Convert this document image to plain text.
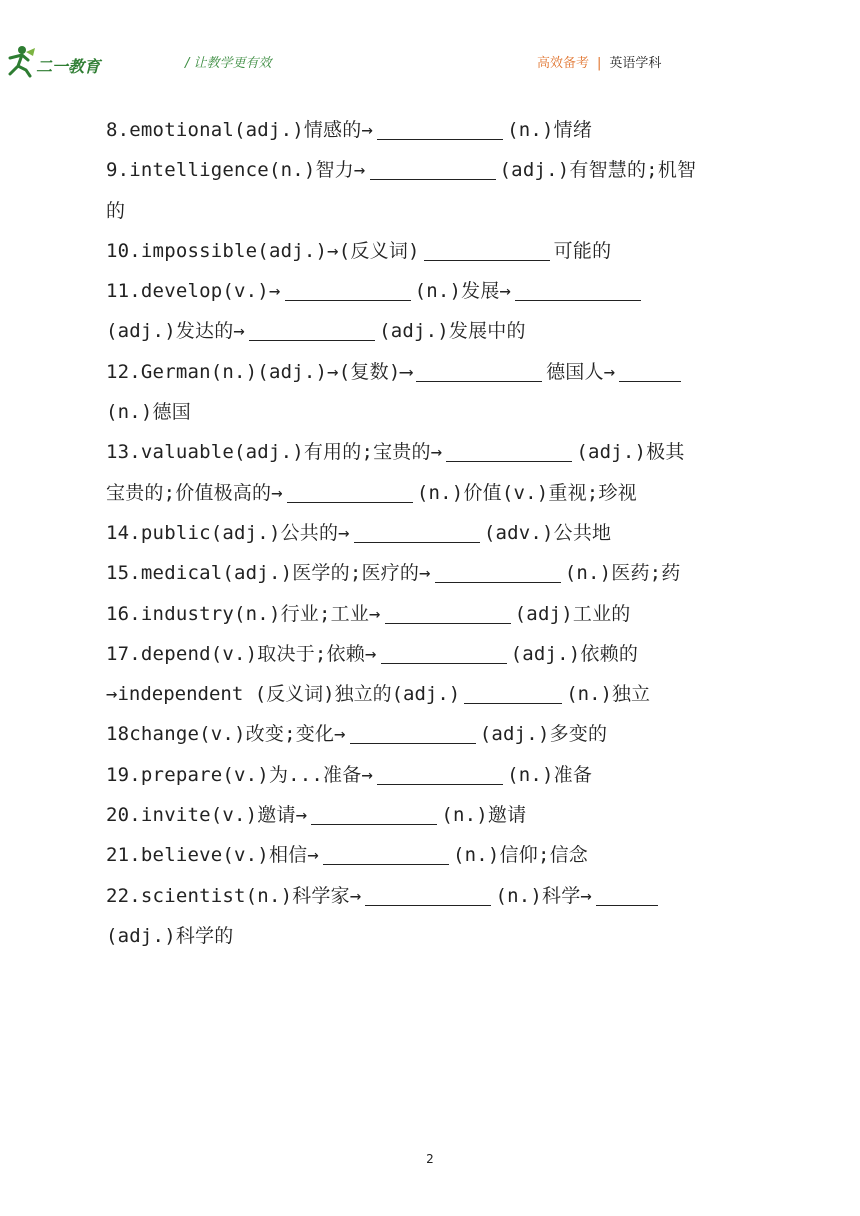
二一教育	/ 让教学更有效	高效备考 | 英语学科
8.emotional(adj.)情感的→	(n.)情绪
9.intelligence(n.)智力→	(adj.)有智慧的;机智
的
10.impossible(adj.)→(反义词)	可能的
11.develop(v.)→	(n.)发展→
(adj.)发达的→	(adj.)发展中的
12.German(n.)(adj.)→(复数)⟶	德国人→
(n.)德国
13.valuable(adj.)有用的;宝贵的→	(adj.)极其
宝贵的;价值极高的→	(n.)价值(v.)重视;珍视
14.public(adj.)公共的→	(adv.)公共地
15.medical(adj.)医学的;医疗的→	(n.)医药;药
16.industry(n.)行业;工业→	(adj)工业的
17.depend(v.)取决于;依赖→	(adj.)依赖的
→independent (反义词)独立的(adj.)	(n.)独立
18change(v.)改变;变化→	(adj.)多变的
19.prepare(v.)为...准备→	(n.)准备
20.invite(v.)邀请→	(n.)邀请
21.believe(v.)相信→	(n.)信仰;信念
22.scientist(n.)科学家→	(n.)科学→
(adj.)科学的
2
